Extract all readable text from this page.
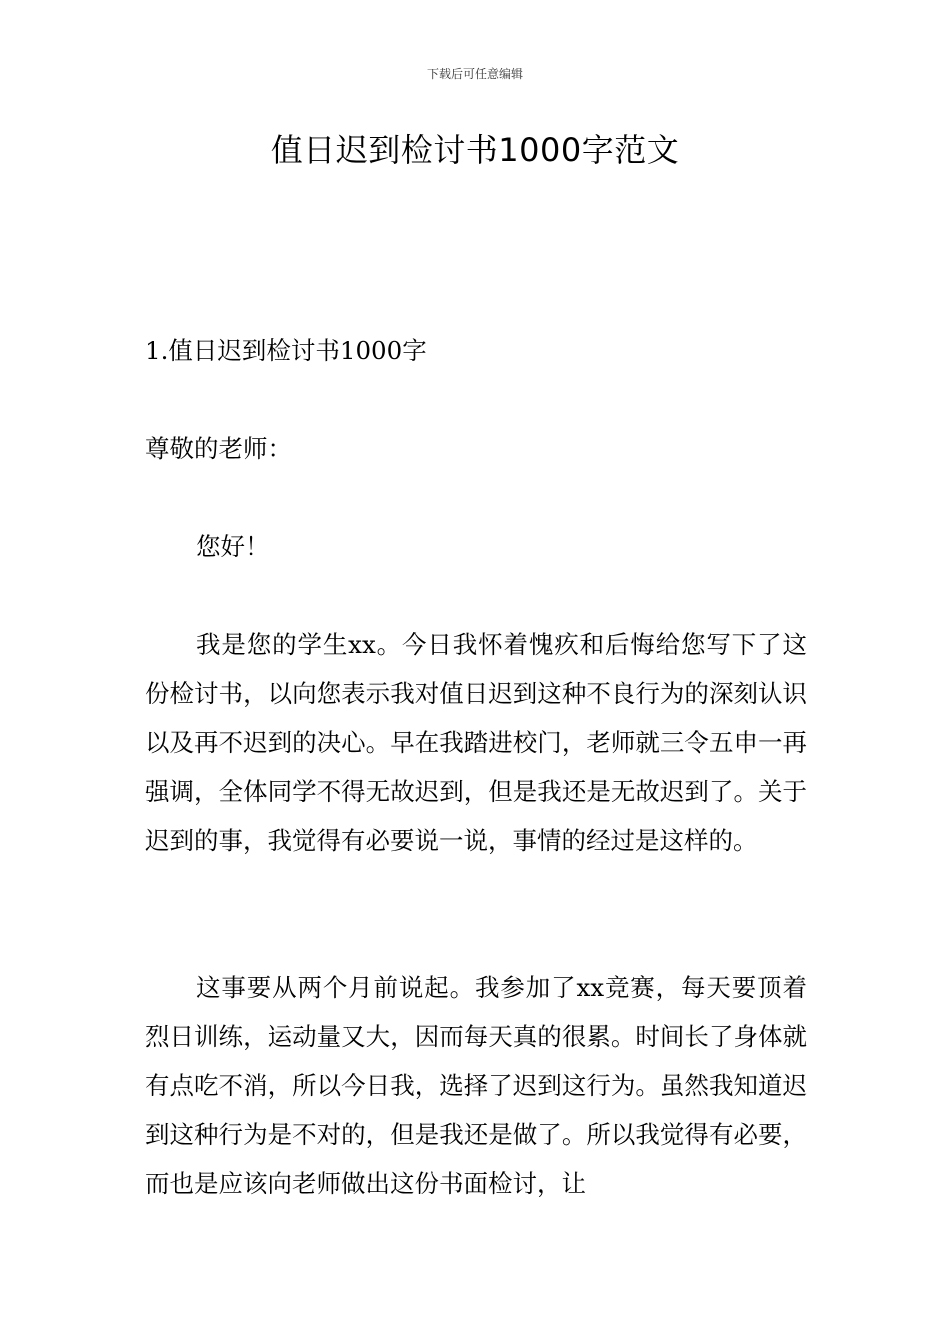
下载后可任意编辑
值日迟到检讨书1000字范文

1.值日迟到检讨书1000字

尊敬的老师：

您好！

我是您的学生xx。今日我怀着愧疚和后悔给您写下了这份检讨书，以向您表示我对值日迟到这种不良行为的深刻认识以及再不迟到的决心。早在我踏进校门，老师就三令五申一再强调，全体同学不得无故迟到，但是我还是无故迟到了。关于迟到的事，我觉得有必要说一说，事情的经过是这样的。

这事要从两个月前说起。我参加了xx竞赛，每天要顶着烈日训练，运动量又大，因而每天真的很累。时间长了身体就有点吃不消，所以今日我，选择了迟到这行为。虽然我知道迟到这种行为是不对的，但是我还是做了。所以我觉得有必要，而也是应该向老师做出这份书面检讨，让
